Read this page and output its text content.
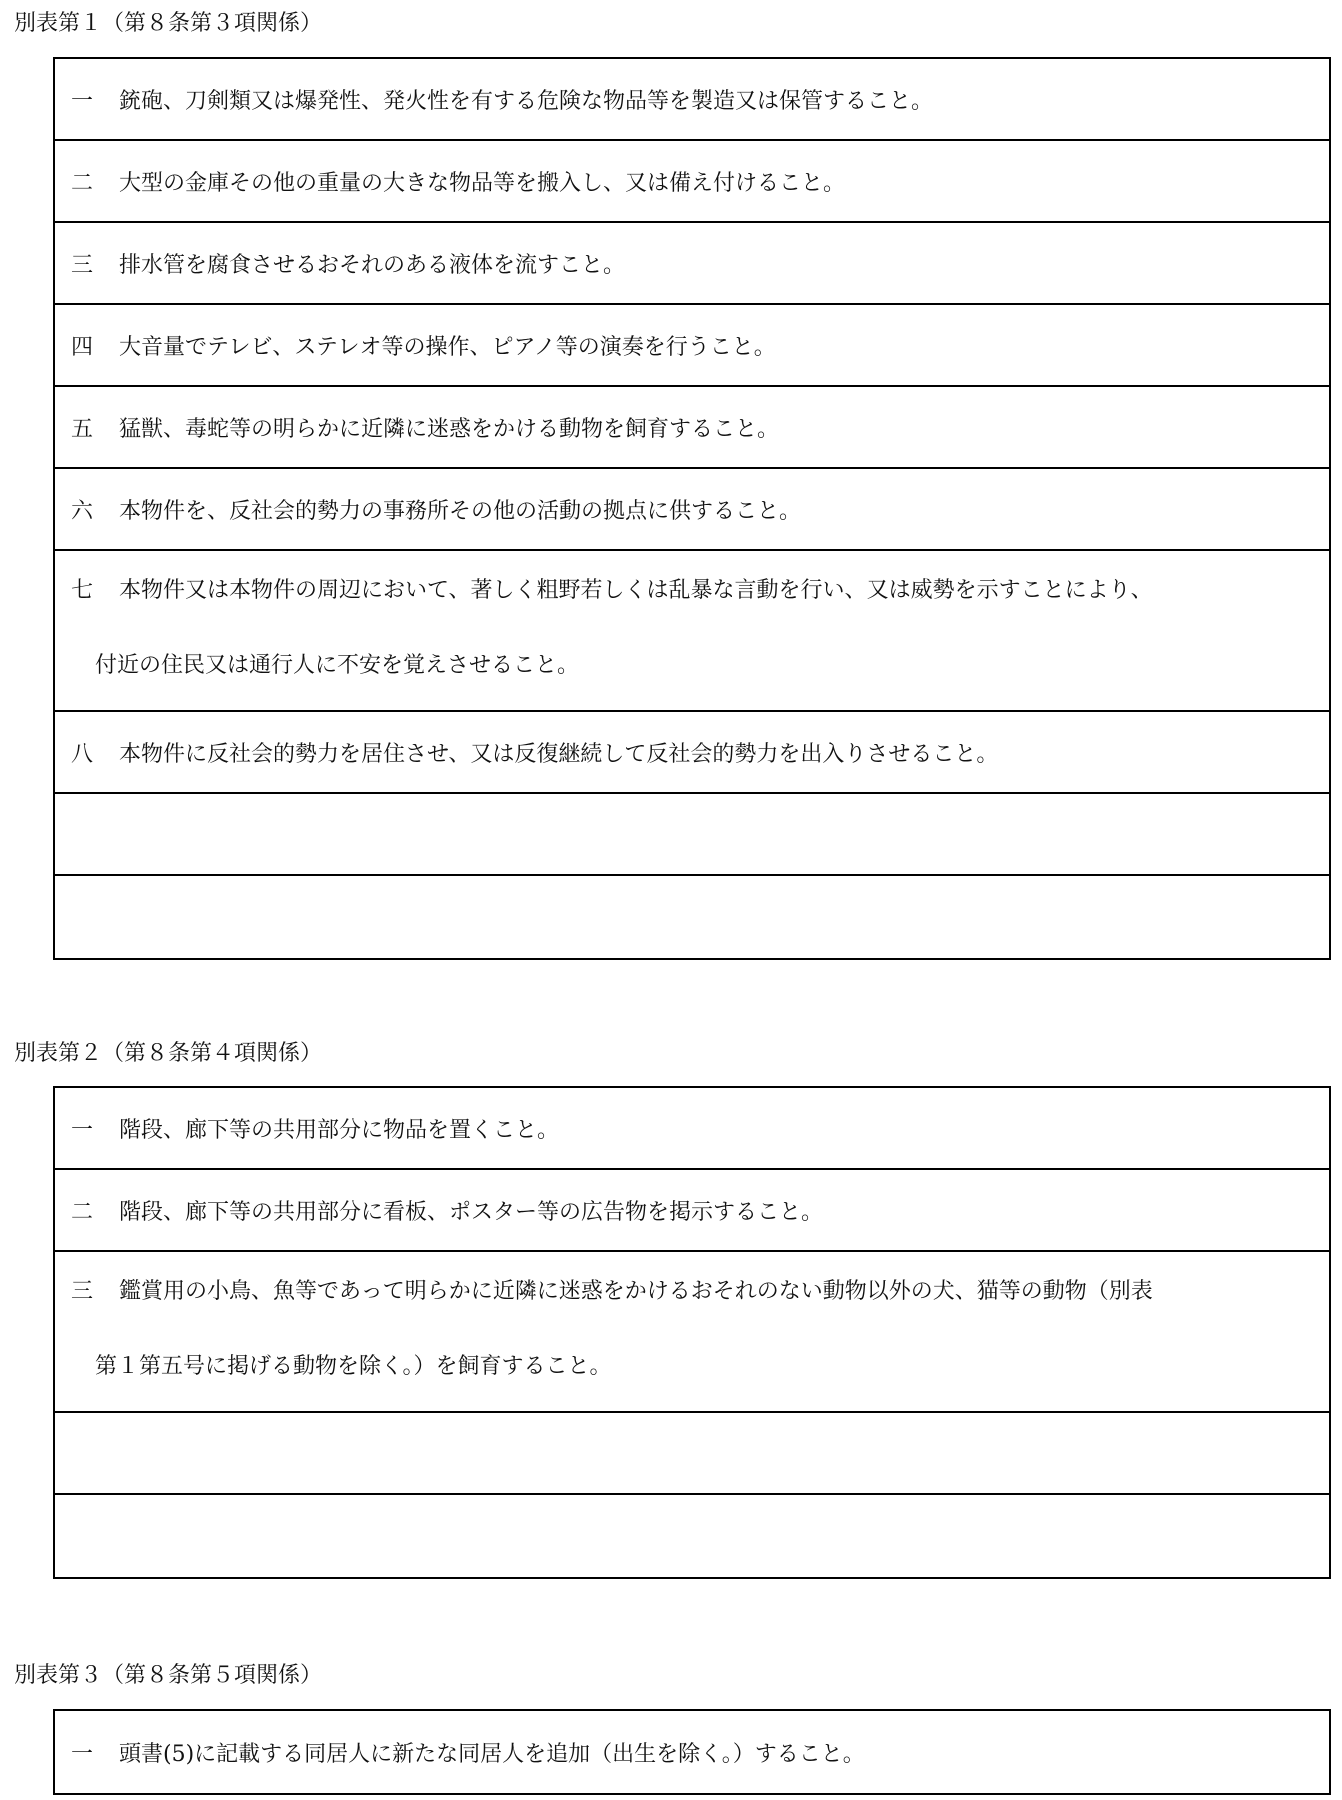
別表第１（第８条第３項関係）
一	銃砲、刀剣類又は爆発性、発火性を有する危険な物品等を製造又は保管すること。
二	大型の金庫その他の重量の大きな物品等を搬入し、又は備え付けること。
三	排水管を腐食させるおそれのある液体を流すこと。
四	大音量でテレビ、ステレオ等の操作、ピアノ等の演奏を行うこと。
五	猛獣、毒蛇等の明らかに近隣に迷惑をかける動物を飼育すること。
六	本物件を、反社会的勢力の事務所その他の活動の拠点に供すること。
七 本物件又は本物件の周辺において、著しく粗野若しくは乱暴な言動を行い、又は威勢を示すことにより、
付近の住民又は通行人に不安を覚えさせること。
八	本物件に反社会的勢力を居住させ、又は反復継続して反社会的勢力を出入りさせること。
別表第２（第８条第４項関係）
一	階段、廊下等の共用部分に物品を置くこと。
二	階段、廊下等の共用部分に看板、ポスター等の広告物を掲示すること。
三 鑑賞用の小鳥、魚等であって明らかに近隣に迷惑をかけるおそれのない動物以外の犬、猫等の動物（別表
第１第五号に掲げる動物を除く。）を飼育すること。
別表第３（第８条第５項関係）
一	頭書(5)に記載する同居人に新たな同居人を追加（出生を除く。）すること。
